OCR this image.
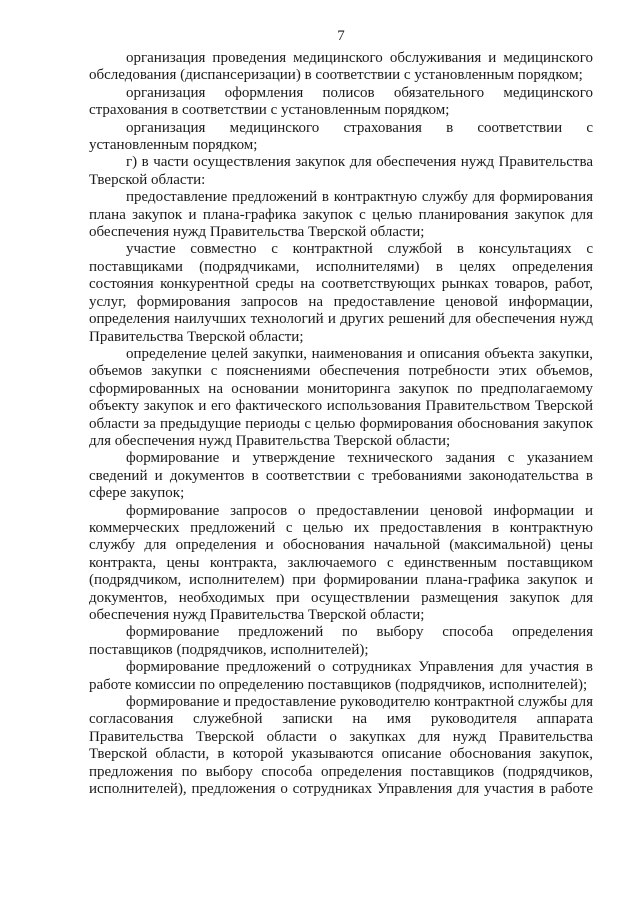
7

организация проведения медицинского обслуживания и медицинского обследования (диспансеризации) в соответствии с установленным порядком;

организация оформления полисов обязательного медицинского страхования в соответствии с установленным порядком;

организация медицинского страхования в соответствии с установленным порядком;

г) в части осуществления закупок для обеспечения нужд Правительства Тверской области:

предоставление предложений в контрактную службу для формирования плана закупок и плана-графика закупок с целью планирования закупок для обеспечения нужд Правительства Тверской области;

участие совместно с контрактной службой в консультациях с поставщиками (подрядчиками, исполнителями) в целях определения состояния конкурентной среды на соответствующих рынках товаров, работ, услуг, формирования запросов на предоставление ценовой информации, определения наилучших технологий и других решений для обеспечения нужд Правительства Тверской области;

определение целей закупки, наименования и описания объекта закупки, объемов закупки с пояснениями обеспечения потребности этих объемов, сформированных на основании мониторинга закупок по предполагаемому объекту закупок и его фактического использования Правительством Тверской области за предыдущие периоды с целью формирования обоснования закупок для обеспечения нужд Правительства Тверской области;

формирование и утверждение технического задания с указанием сведений и документов в соответствии с требованиями законодательства в сфере закупок;

формирование запросов о предоставлении ценовой информации и коммерческих предложений с целью их предоставления в контрактную службу для определения и обоснования начальной (максимальной) цены контракта, цены контракта, заключаемого с единственным поставщиком (подрядчиком, исполнителем) при формировании плана-графика закупок и документов, необходимых при осуществлении размещения закупок для обеспечения нужд Правительства Тверской области;

формирование предложений по выбору способа определения поставщиков (подрядчиков, исполнителей);

формирование предложений о сотрудниках Управления для участия в работе комиссии по определению поставщиков (подрядчиков, исполнителей);

формирование и предоставление руководителю контрактной службы для согласования служебной записки на имя руководителя аппарата Правительства Тверской области о закупках для нужд Правительства Тверской области, в которой указываются описание обоснования закупок, предложения по выбору способа определения поставщиков (подрядчиков, исполнителей), предложения о сотрудниках Управления для участия в работе
